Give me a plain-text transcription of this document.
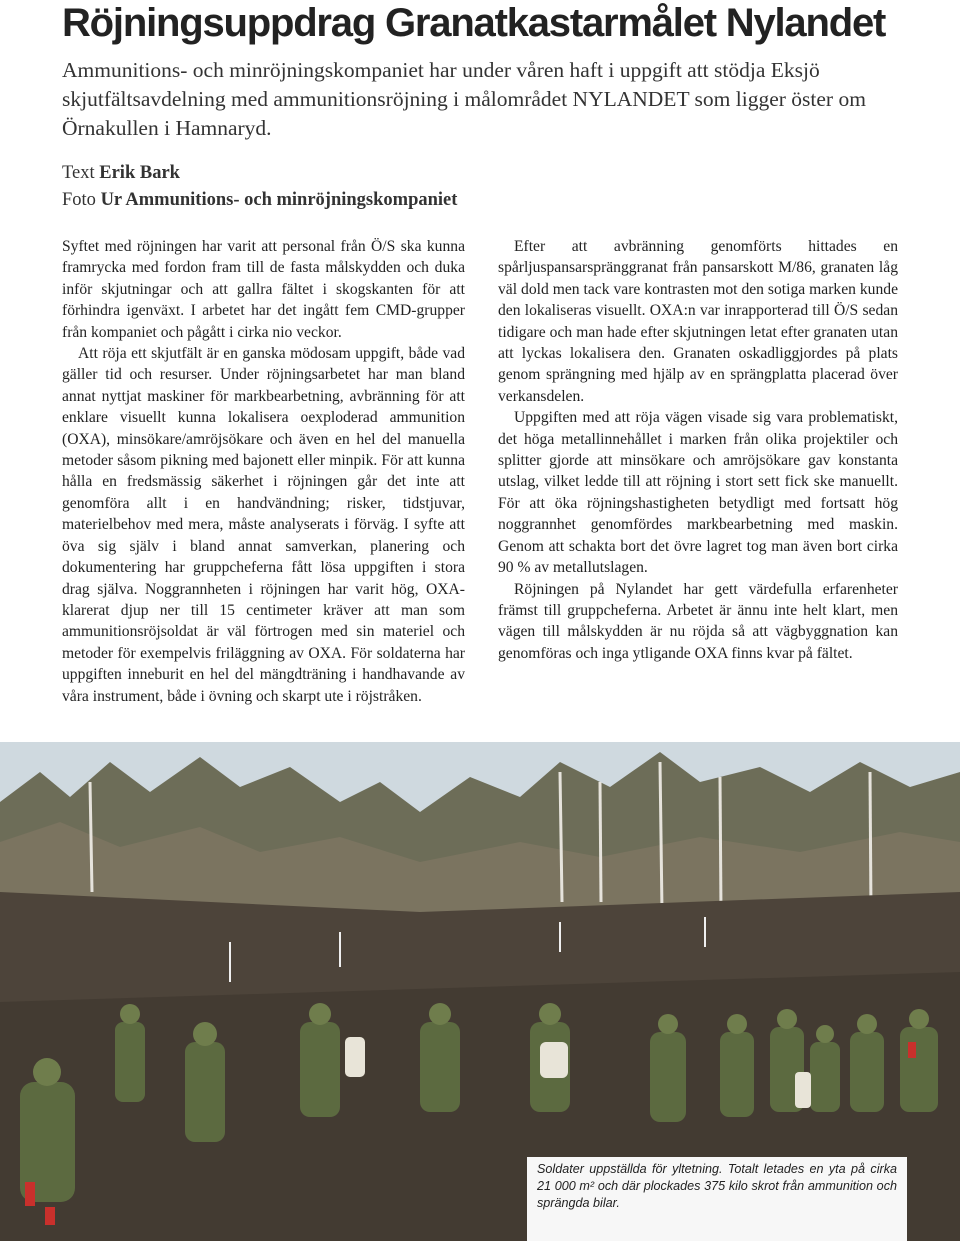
Röjningsuppdrag Granatkastarmålet Nylandet
Ammunitions- och minröjningskompaniet har under våren haft i uppgift att stödja Eksjö skjutfältsavdelning med ammunitionsröjning i målområdet NYLANDET som ligger öster om Örnakullen i Hamnaryd.
Text Erik Bark
Foto Ur Ammunitions- och minröjningskompaniet

Syftet med röjningen har varit att personal från Ö/S ska kunna framrycka med fordon fram till de fasta målskydden och duka inför skjutningar och att gallra fältet i skogskanten för att förhindra igenväxt. I arbetet har det ingått fem CMD-grupper från kompaniet och pågått i cirka nio veckor.

Att röja ett skjutfält är en ganska mödosam uppgift, både vad gäller tid och resurser. Under röjningsarbetet har man bland annat nyttjat maskiner för markbearbetning, avbränning för att enklare visuellt kunna lokalisera oexploderad ammunition (OXA), minsökare/amröjsökare och även en hel del manuella metoder såsom pikning med bajonett eller minpik. För att kunna hålla en fredsmässig säkerhet i röjningen går det inte att genomföra allt i en handvändning; risker, tidstjuvar, materielbehov med mera, måste analyserats i förväg. I syfte att öva sig själv i bland annat samverkan, planering och dokumentering har gruppcheferna fått lösa uppgiften i stora drag själva. Noggrannheten i röjningen har varit hög, OXA-klarerat djup ner till 15 centimeter kräver att man som ammunitionsröjsoldat är väl förtrogen med sin materiel och metoder för exempelvis friläggning av OXA. För soldaterna har uppgiften inneburit en hel del mängdträning i handhavande av våra instrument, både i övning och skarpt ute i röjstråken.

Efter att avbränning genomförts hittades en spårljuspansarspränggranat från pansarskott M/86, granaten låg väl dold men tack vare kontrasten mot den sotiga marken kunde den lokaliseras visuellt. OXA:n var inrapporterad till Ö/S sedan tidigare och man hade efter skjutningen letat efter granaten utan att lyckas lokalisera den. Granaten oskadliggjordes på plats genom sprängning med hjälp av en sprängplatta placerad över verkansdelen.

Uppgiften med att röja vägen visade sig vara problematiskt, det höga metallinnehållet i marken från olika projektiler och splitter gjorde att minsökare och amröjsökare gav konstanta utslag, vilket ledde till att röjning i stort sett fick ske manuellt. För att öka röjningshastigheten betydligt med fortsatt hög noggrannhet genomfördes markbearbetning med maskin. Genom att schakta bort det övre lagret tog man även bort cirka 90 % av metallutslagen.

Röjningen på Nylandet har gett värdefulla erfarenheter främst till gruppcheferna. Arbetet är ännu inte helt klart, men vägen till målskydden är nu röjda så att vägbyggnation kan genomföras och inga ytligande OXA finns kvar på fältet.

Soldater uppställda för yltetning. Totalt letades en yta på cirka 21 000 m² och där plockades 375 kilo skrot från ammunition och sprängda bilar.
